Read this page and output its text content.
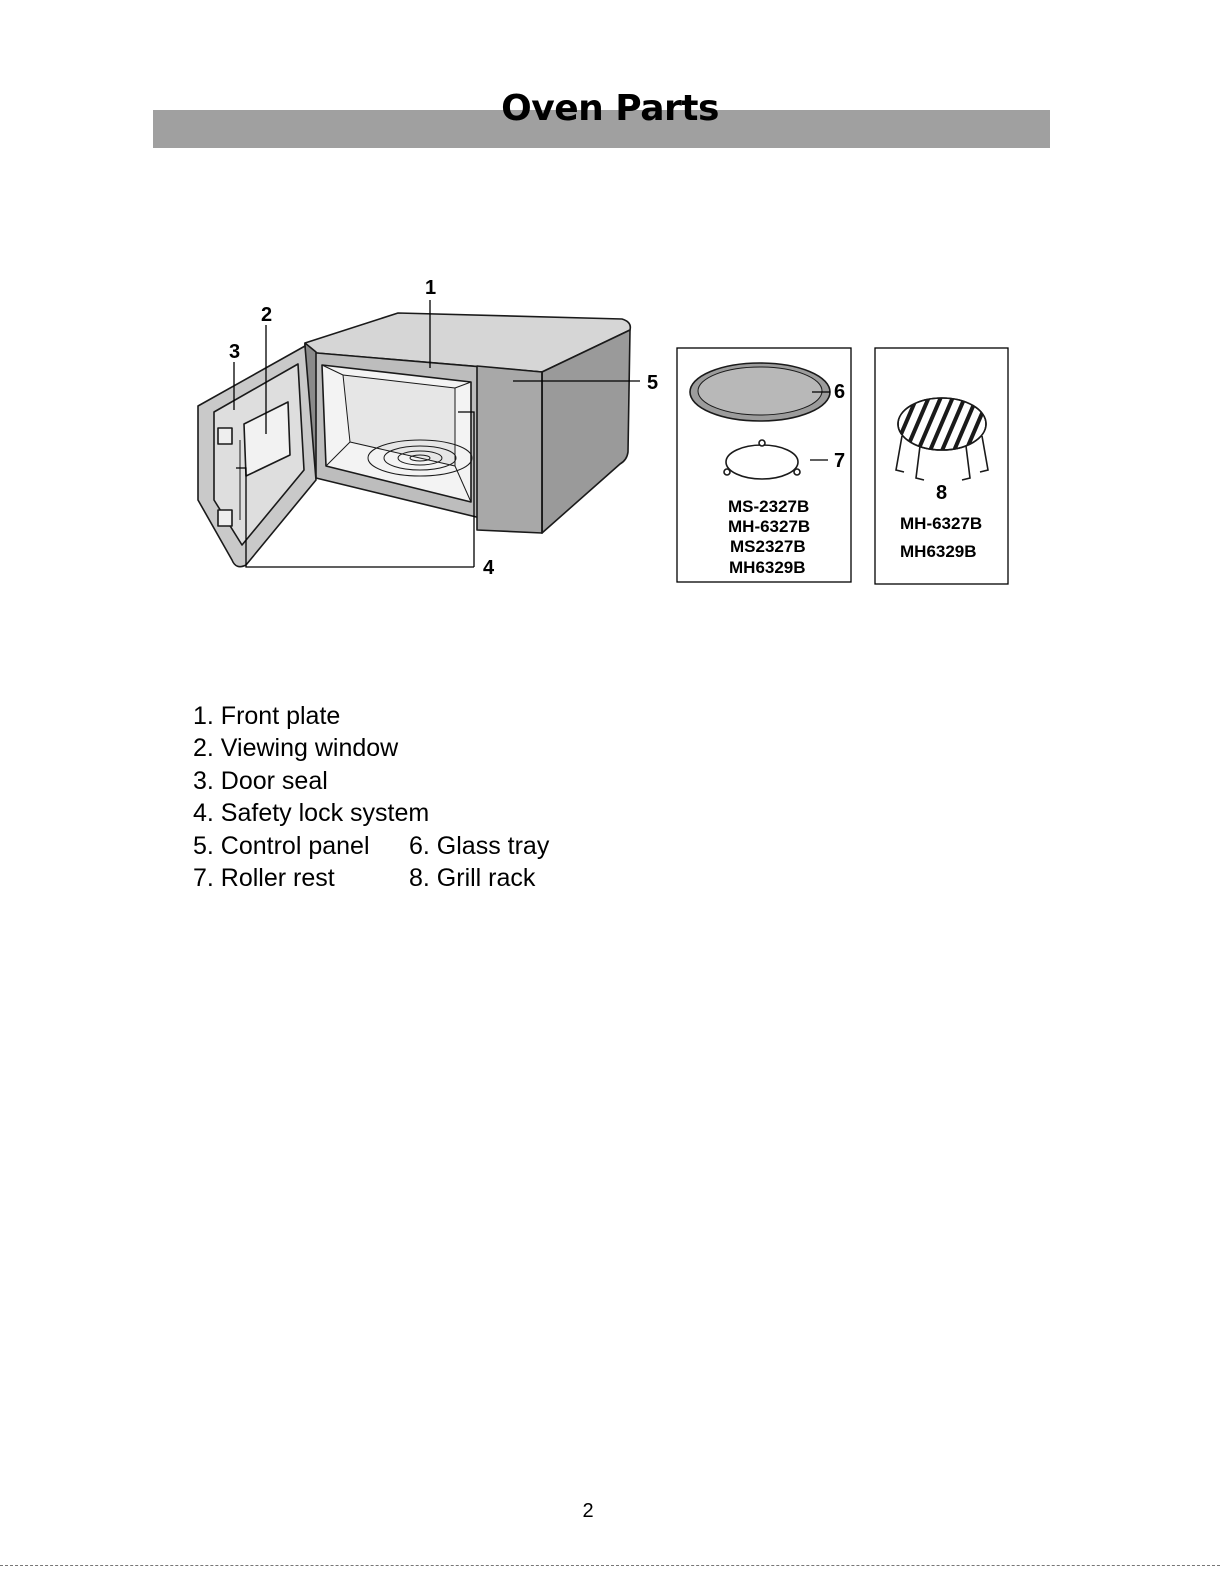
Oven Parts
1
2
3
4
5	6
7
MS-2327B
MH-6327B
MS2327B
MH6329B
8
MH-6327B
MH6329B
1. Front plate
2. Viewing window
3. Door seal
4. Safety lock system
5. Control panel 6. Glass tray
7. Roller rest	8. Grill rack
2
